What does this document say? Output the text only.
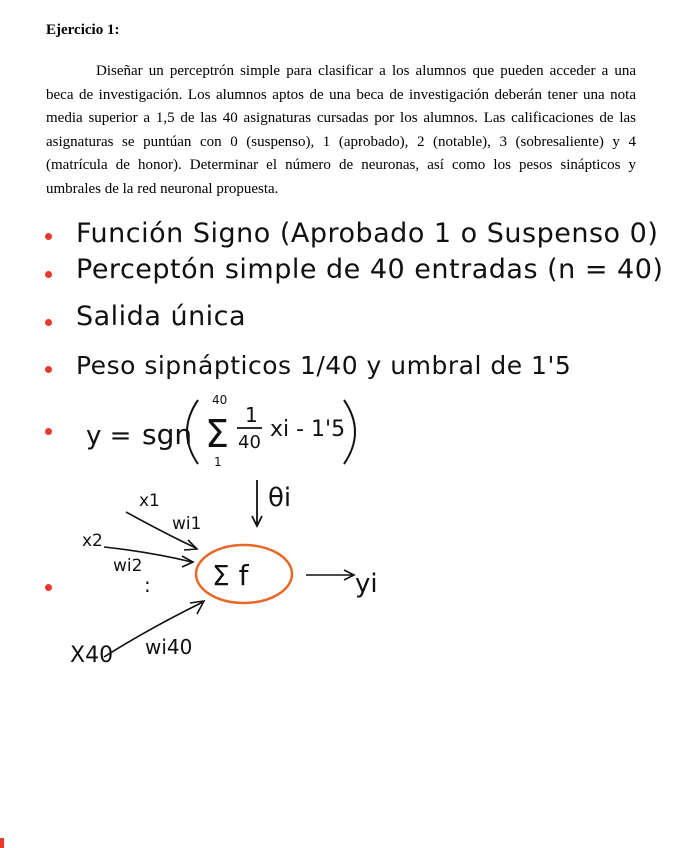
Ejercicio 1:

Diseñar un perceptrón simple para clasificar a los alumnos que pueden acceder a una beca de investigación. Los alumnos aptos de una beca de investigación deberán tener una nota media superior a 1,5 de las 40 asignaturas cursadas por los alumnos. Las calificaciones de las asignaturas se puntúan con 0 (suspenso), 1 (aprobado), 2 (notable), 3 (sobresaliente) y 4 (matrícula de honor). Determinar el número de neuronas, así como los pesos sinápticos y umbrales de la red neuronal propuesta.

Función Signo (Aprobado 1 o Suspenso 0)
Perceptón simple de 40 entradas (n = 40)
Salida única
Peso sipnápticos 1/40 y umbral de 1'5
y = sgn Σ
40
1
1
40
xi - 1'5
θi
x1
wi1
x2
wi2
:
X40 wi40
Σ f	yi
